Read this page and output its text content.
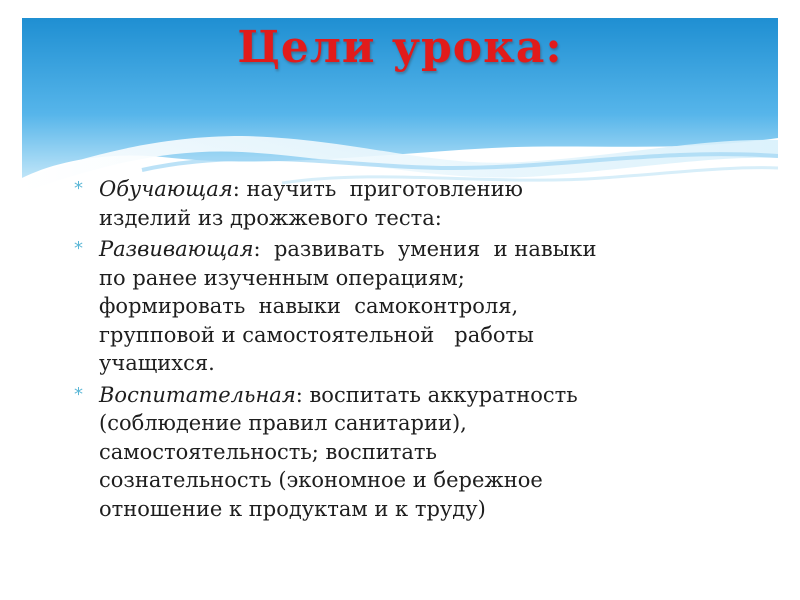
Цели урока:
* Обучающая: научить  приготовлению
изделий из дрожжевого теста:
* Развивающая:  развивать  умения  и навыки
по ранее изученным операциям;
формировать  навыки  самоконтроля,
групповой и самостоятельной   работы
учащихся.
* Воспитательная: воспитать аккуратность
(соблюдение правил санитарии),
самостоятельность; воспитать
сознательность (экономное и бережное
отношение к продуктам и к труду)
